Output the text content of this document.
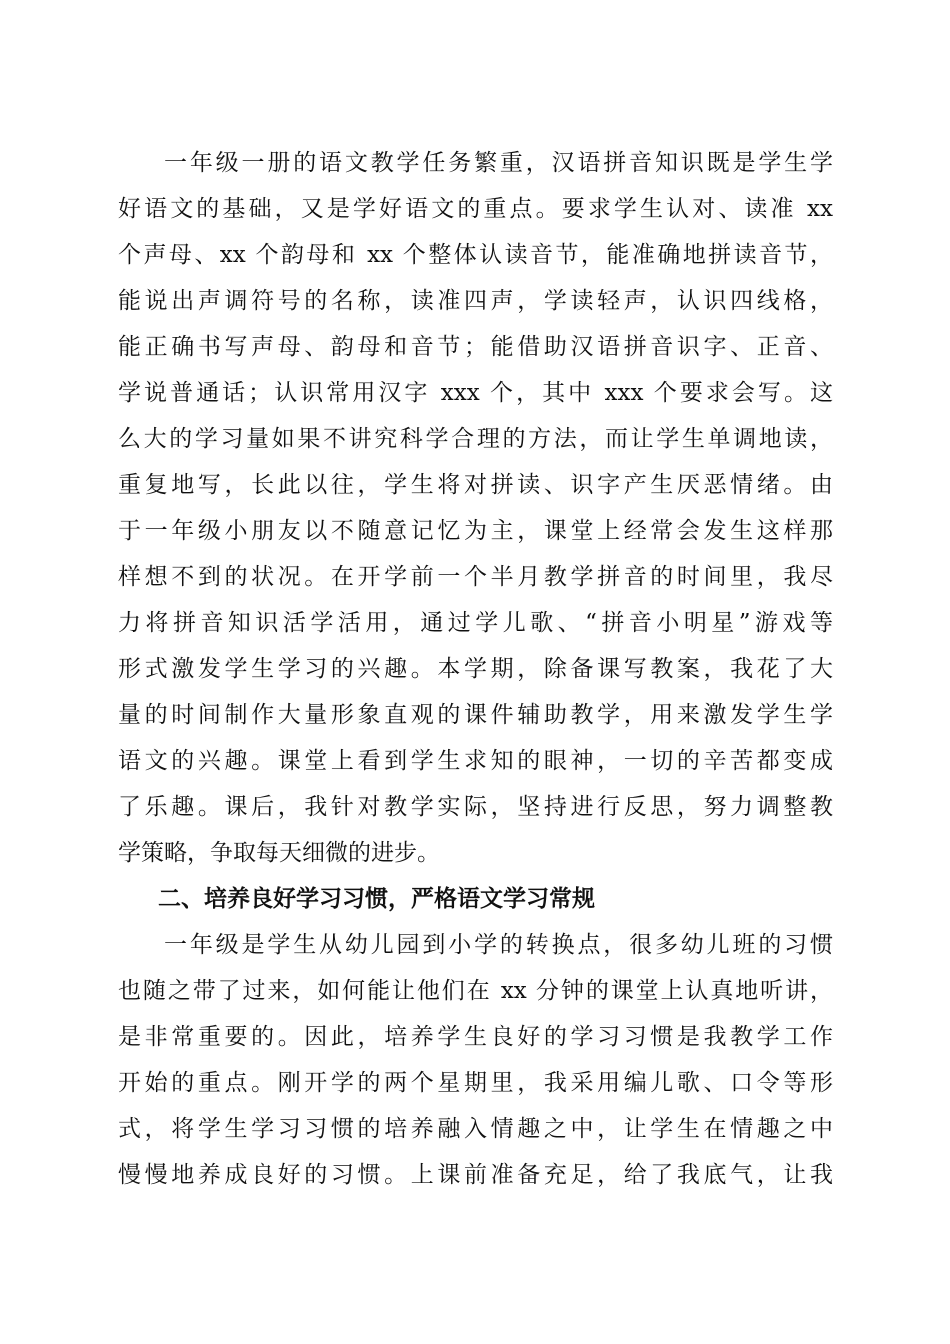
一年级一册的语文教学任务繁重，汉语拼音知识既是学生学
好语文的基础，又是学好语文的重点。要求学生认对、读准 xx
个声母、xx 个韵母和 xx 个整体认读音节，能准确地拼读音节，
能说出声调符号的名称，读准四声，学读轻声，认识四线格，
能正确书写声母、韵母和音节；能借助汉语拼音识字、正音、
学说普通话；认识常用汉字 xxx 个，其中 xxx 个要求会写。这
么大的学习量如果不讲究科学合理的方法，而让学生单调地读，
重复地写，长此以往，学生将对拼读、识字产生厌恶情绪。由
于一年级小朋友以不随意记忆为主，课堂上经常会发生这样那
样想不到的状况。在开学前一个半月教学拼音的时间里，我尽
力将拼音知识活学活用，通过学儿歌、“拼音小明星”游戏等
形式激发学生学习的兴趣。本学期，除备课写教案，我花了大
量的时间制作大量形象直观的课件辅助教学，用来激发学生学
语文的兴趣。课堂上看到学生求知的眼神，一切的辛苦都变成
了乐趣。课后，我针对教学实际，坚持进行反思，努力调整教
学策略，争取每天细微的进步。
二、培养良好学习习惯，严格语文学习常规
一年级是学生从幼儿园到小学的转换点，很多幼儿班的习惯
也随之带了过来，如何能让他们在 xx 分钟的课堂上认真地听讲，
是非常重要的。因此，培养学生良好的学习习惯是我教学工作
开始的重点。刚开学的两个星期里，我采用编儿歌、口令等形
式，将学生学习习惯的培养融入情趣之中，让学生在情趣之中
慢慢地养成良好的习惯。上课前准备充足，给了我底气，让我
